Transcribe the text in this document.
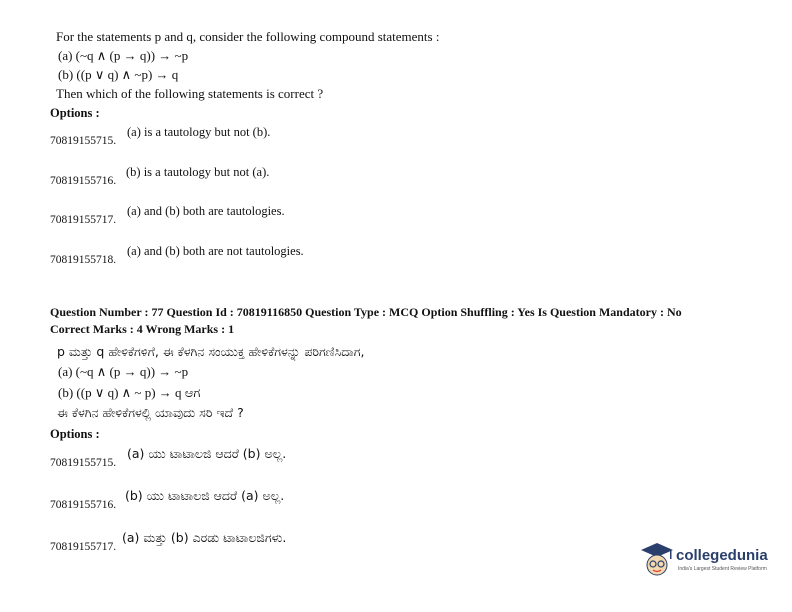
For the statements p and q, consider the following compound statements :
(a) (~q ∧ (p → q)) → ~p
(b) ((p ∨ q) ∧ ~p) → q
Then which of the following statements is correct ?
Options :
70819155715.
(a) is a tautology but not (b).
70819155716.
(b) is a tautology but not (a).
70819155717.
(a) and (b) both are tautologies.
70819155718.
(a) and (b) both are not tautologies.
Question Number : 77 Question Id : 70819116850 Question Type : MCQ Option Shuffling : Yes Is Question Mandatory : No
Correct Marks : 4 Wrong Marks : 1
p ಮತ್ತು q ಹೇಳಿಕೆಗಳಿಗೆ, ಈ ಕೆಳಗಿನ ಸಂಯುಕ್ತ ಹೇಳಿಕೆಗಳನ್ನು ಪರಿಗಣಿಸಿದಾಗ,
(a) (~q ∧ (p → q)) → ~p
(b) ((p ∨ q) ∧ ~ p) → q ಆಗ
ಈ ಕೆಳಗಿನ ಹೇಳಿಕೆಗಳಲ್ಲಿ ಯಾವುದು ಸರಿ ಇದೆ ?
Options :
70819155715.
(a) ಯು ಟಾಟಾಲಜಿ ಆದರೆ (b) ಅಲ್ಲ.
70819155716.
(b) ಯು ಟಾಟಾಲಜಿ ಆದರೆ (a) ಅಲ್ಲ.
70819155717.
(a) ಮತ್ತು (b) ಎರಡು ಟಾಟಾಲಜಿಗಳು.
collegedunia
India's Largest Student Review Platform
